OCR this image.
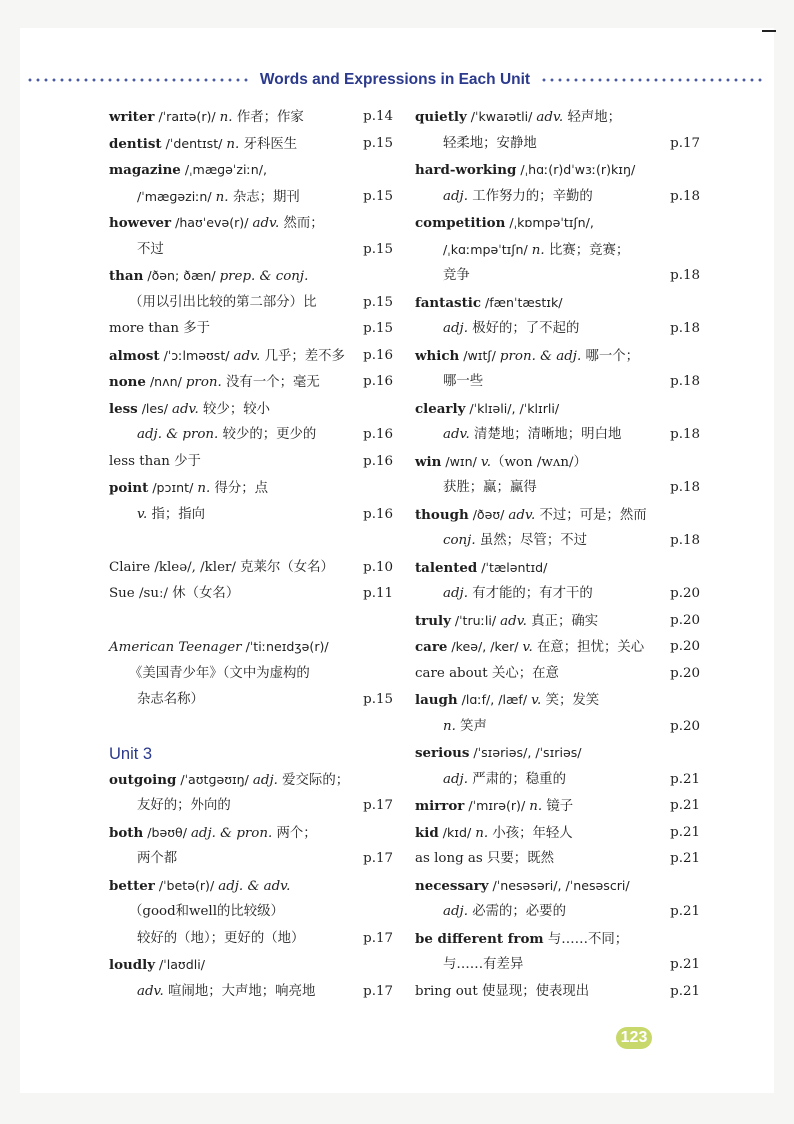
Words and Expressions in Each Unit
writer /ˈraɪtə(r)/ n. 作者；作家	p.14
dentist /ˈdentɪst/ n. 牙科医生	p.15
magazine /ˌmæɡəˈziːn/,
/ˈmæɡəziːn/ n. 杂志；期刊	p.15
however /haʊˈevə(r)/ adv. 然而；
不过	p.15
than /ðən; ðæn/ prep. & conj.
（用以引出比较的第二部分）比	p.15
more than 多于	p.15
almost /ˈɔːlməʊst/ adv. 几乎；差不多 p.16
none /nʌn/ pron. 没有一个；毫无	p.16
less /les/ adv. 较少；较小
adj. & pron. 较少的；更少的	p.16
less than 少于	p.16
point /pɔɪnt/ n. 得分；点
v. 指；指向	p.16
Claire /kleə/, /kler/ 克莱尔（女名） p.10
Sue /suː/ 休（女名）	p.11
American Teenager /ˈtiːneɪdʒə(r)/
《美国青少年》（文中为虚构的
杂志名称）	p.15
Unit 3
outgoing /ˈaʊtɡəʊɪŋ/ adj. 爱交际的；
友好的；外向的	p.17
both /bəʊθ/ adj. & pron. 两个；
两个都	p.17
better /ˈbetə(r)/ adj. & adv.
（good和well的比较级）
较好的（地）；更好的（地）	p.17
loudly /ˈlaʊdli/
adv. 喧闹地；大声地；响亮地	p.17
quietly /ˈkwaɪətli/ adv. 轻声地；
轻柔地；安静地	p.17
hard-working /ˌhɑː(r)dˈwɜː(r)kɪŋ/
adj. 工作努力的；辛勤的	p.18
competition /ˌkɒmpəˈtɪʃn/,
/ˌkɑːmpəˈtɪʃn/ n. 比赛；竞赛；
竞争	p.18
fantastic /fænˈtæstɪk/
adj. 极好的；了不起的	p.18
which /wɪtʃ/ pron. & adj. 哪一个；
哪一些	p.18
clearly /ˈklɪəli/, /ˈklɪrli/
adv. 清楚地；清晰地；明白地	p.18
win /wɪn/ v.（won /wʌn/）
获胜；赢；赢得	p.18
though /ðəʊ/ adv. 不过；可是；然而
conj. 虽然；尽管；不过	p.18
talented /ˈtæləntɪd/
adj. 有才能的；有才干的	p.20
truly /ˈtruːli/ adv. 真正；确实	p.20
care /keə/, /ker/ v. 在意；担忧；关心 p.20
care about 关心；在意	p.20
laugh /lɑːf/, /læf/ v. 笑；发笑
n. 笑声	p.20
serious /ˈsɪəriəs/, /ˈsɪriəs/
adj. 严肃的；稳重的	p.21
mirror /ˈmɪrə(r)/ n. 镜子	p.21
kid /kɪd/ n. 小孩；年轻人	p.21
as long as 只要；既然	p.21
necessary /ˈnesəsəri/, /ˈnesəscri/
adj. 必需的；必要的	p.21
be different from 与……不同；
与……有差异	p.21
bring out 使显现；使表现出	p.21
123
